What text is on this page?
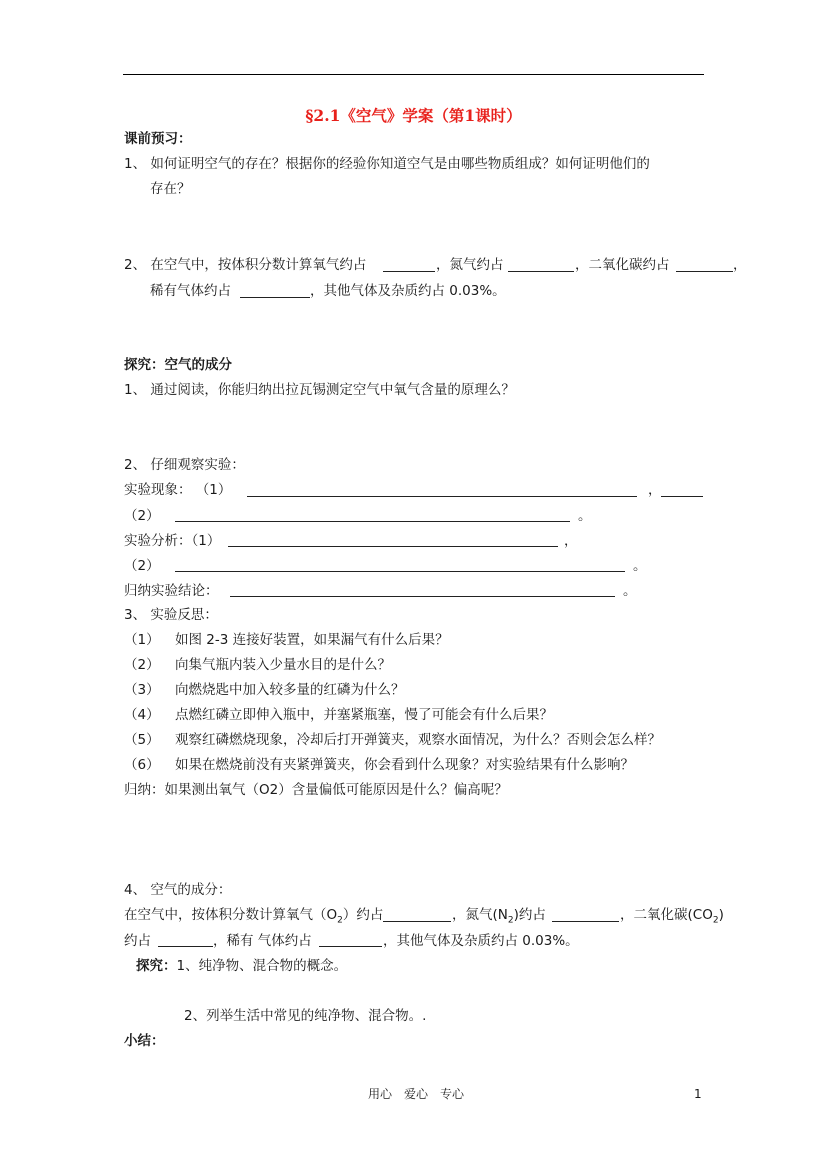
§2.1《空气》学案（第1课时）
课前预习：
1、 如何证明空气的存在？根据你的经验你知道空气是由哪些物质组成？如何证明他们的
存在？
2、 在空气中，按体积分数计算氧气约占	，氮气约占	，二氧化碳约占	，
稀有气体约占	，其他气体及杂质约占 0.03%。
探究：空气的成分
1、 通过阅读，你能归纳出拉瓦锡测定空气中氧气含量的原理么？
2、 仔细观察实验：
实验现象： （1）	，
（2）	。
实验分析：（1）	，
（2）	。
归纳实验结论：	。
3、 实验反思：
（1） 如图 2-3 连接好装置，如果漏气有什么后果？
（2） 向集气瓶内装入少量水目的是什么？
（3） 向燃烧匙中加入较多量的红磷为什么？
（4） 点燃红磷立即伸入瓶中，并塞紧瓶塞，慢了可能会有什么后果？
（5） 观察红磷燃烧现象，冷却后打开弹簧夹，观察水面情况，为什么？否则会怎么样？
（6） 如果在燃烧前没有夹紧弹簧夹，你会看到什么现象？对实验结果有什么影响？
归纳：如果测出氧气（O2）含量偏低可能原因是什么？偏高呢？
4、 空气的成分：
在空气中，按体积分数计算氧气$(O_2)$约占	，氮气$(N_2)$约占	，二氧化碳$(CO_2)$
约占	，稀有 气体约占	，其他气体及杂质约占 0.03%。
探究：1、纯净物、混合物的概念。
2、列举生活中常见的纯净物、混合物。.
小结：
用心　爱心　专心	1
